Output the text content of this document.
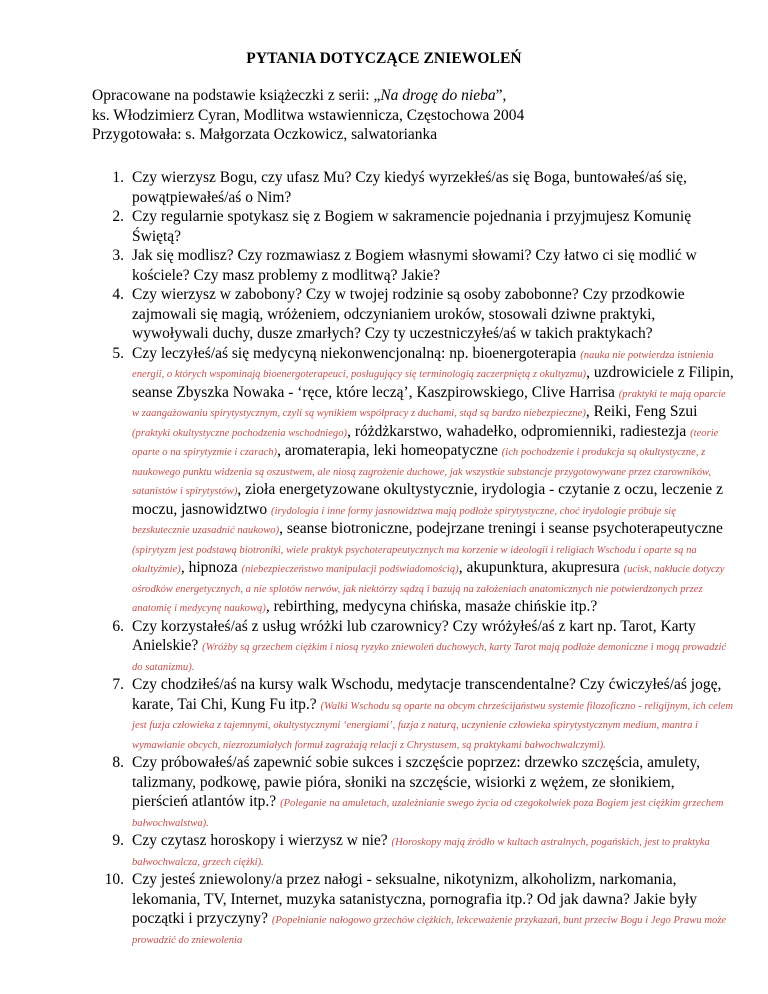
PYTANIA DOTYCZĄCE ZNIEWOLEŃ
Opracowane na podstawie książeczki z serii: „Na drogę do nieba”,
ks. Włodzimierz Cyran, Modlitwa wstawiennicza, Częstochowa 2004
Przygotowała: s. Małgorzata Oczkowicz, salwatorianka
1. Czy wierzysz Bogu, czy ufasz Mu? Czy kiedyś wyrzekłeś/as się Boga, buntowałeś/aś się, powątpiewałeś/aś o Nim?
2. Czy regularnie spotykasz się z Bogiem w sakramencie pojednania i przyjmujesz Komunię Świętą?
3. Jak się modlisz? Czy rozmawiasz z Bogiem własnymi słowami? Czy łatwo ci się modlić w kościele? Czy masz problemy z modlitwą? Jakie?
4. Czy wierzysz w zabobony? Czy w twojej rodzinie są osoby zabobonne? Czy przodkowie zajmowali się magią, wróżeniem, odczynianiem uroków, stosowali dziwne praktyki, wywoływali duchy, dusze zmarłych? Czy ty uczestniczyłeś/aś w takich praktykach?
5. Czy leczyłeś/aś się medycyną niekonwencjonalną: np. bioenergoterapia (nauka nie potwierdza istnienia energii, o których wspominają bioenergoterapeuci, posługujący się terminologią zaczerpniętą z okultyzmu), uzdrowiciele z Filipin, seanse Zbyszka Nowaka - ‘ręce, które leczą’, Kaszpirowskiego, Clive Harrisa (praktyki te mają oparcie w zaangażowaniu spirytystycznym, czyli są wynikiem współpracy z duchami, stąd są bardzo niebezpieczne), Reiki, Feng Szui (praktyki okultystyczne pochodzenia wschodniego), różdżkarstwo, wahadełko, odpromienniki, radiestezja (teorie oparte o na spirytyzmie i czarach), aromaterapia, leki homeopatyczne (ich pochodzenie i produkcja są okultystyczne, z naukowego punktu widzenia są oszustwem, ale niosą zagrożenie duchowe, jak wszystkie substancje przygotowywane przez czarowników, satanistów i spirytystów), zioła energetyzowane okultystycznie, irydologia - czytanie z oczu, leczenie z moczu, jasnowidztwo (irydologia i inne formy jasnowidztwa mają podłoże spirytystyczne, choć irydologie próbuje się bezskutecznie uzasadnić naukowo), seanse biotroniczne, podejrzane treningi i seanse psychoterapeutyczne (spirytyzm jest podstawą biotroniki, wiele praktyk psychoterapeutycznych ma korzenie w ideologii i religiach Wschodu i oparte są na okultyźmie), hipnoza (niebezpieczeństwo manipulacji podświadomością), akupunktura, akupresura (ucisk, nakłucie dotyczy ośrodków energetycznych, a nie splotów nerwów, jak niektórzy sądzą i bazują na założeniach anatomicznych nie potwierdzonych przez anatomię i medycynę naukową), rebirthing, medycyna chińska, masaże chińskie itp.?
6. Czy korzystałeś/aś z usług wróżki lub czarownicy? Czy wróżyłeś/aś z kart np. Tarot, Karty Anielskie? (Wróżby są grzechem ciężkim i niosą ryzyko zniewoleń duchowych, karty Tarot mają podłoże demoniczne i mogą prowadzić do satanizmu).
7. Czy chodziłeś/aś na kursy walk Wschodu, medytacje transcendentalne? Czy ćwiczyłeś/aś jogę, karate, Tai Chi, Kung Fu itp.? (Walki Wschodu są oparte na obcym chrześcijaństwu systemie filozoficzno - religijnym, ich celem jest fuzja człowieka z tajemnymi, okultystycznymi ‘energiami’, fuzja z naturą, uczynienie człowieka spirytystycznym medium, mantra i wymawianie obcych, niezrozumiałych formuł zagrażają relacji z Chrystusem, są praktykami bałwochwalczymi).
8. Czy próbowałeś/aś zapewnić sobie sukces i szczęście poprzez: drzewko szczęścia, amulety, talizmany, podkowę, pawie pióra, słoniki na szczęście, wisiorki z wężem, ze słonikiem, pierścień atlantów itp.? (Poleganie na amuletach, uzależnianie swego życia od czegokolwiek poza Bogiem jest ciężkim grzechem bałwochwalstwa).
9. Czy czytasz horoskopy i wierzysz w nie? (Horoskopy mają źródło w kultach astralnych, pogańskich, jest to praktyka bałwochwalcza, grzech ciężki).
10. Czy jesteś zniewolony/a przez nałogi - seksualne, nikotynizm, alkoholizm, narkomania, lekomania, TV, Internet, muzyka satanistyczna, pornografia itp.? Od jak dawna? Jakie były początki i przyczyny? (Popełnianie nałogowo grzechów ciężkich, lekceważenie przykazań, bunt przeciw Bogu i Jego Prawu może prowadzić do zniewolenia
